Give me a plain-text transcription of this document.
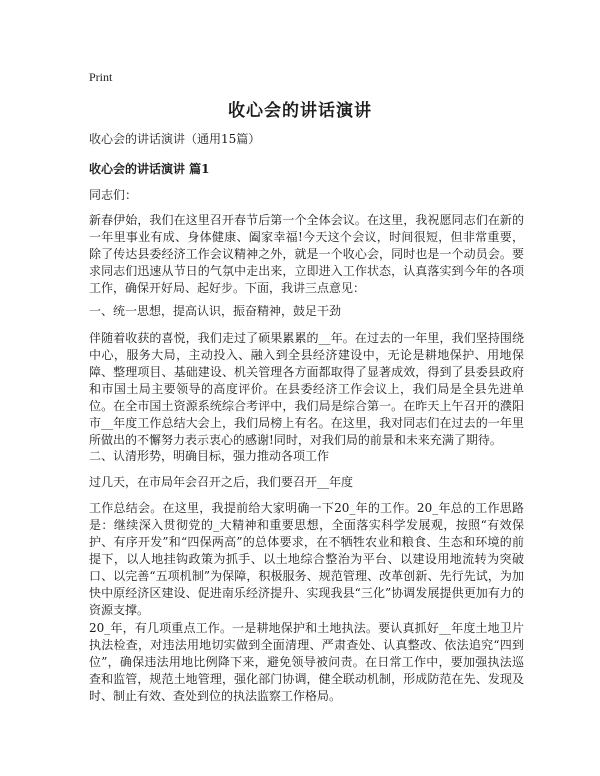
Print
收心会的讲话演讲

收心会的讲话演讲（通用15篇）

收心会的讲话演讲 篇1

同志们：

新春伊始，我们在这里召开春节后第一个全体会议。在这里，我祝愿同志们在新的一年里事业有成、身体健康、阖家幸福!今天这个会议，时间很短，但非常重要，除了传达县委经济工作会议精神之外，就是一个收心会，同时也是一个动员会。要求同志们迅速从节日的气氛中走出来，立即进入工作状态，认真落实到今年的各项工作，确保开好局、起好步。下面，我讲三点意见：

一、统一思想，提高认识，振奋精神，鼓足干劲

伴随着收获的喜悦，我们走过了硕果累累的__年。在过去的一年里，我们坚持围绕中心，服务大局，主动投入、融入到全县经济建设中，无论是耕地保护、用地保障、整理项目、基础建设、机关管理各方面都取得了显著成效，得到了县委县政府和市国土局主要领导的高度评价。在县委经济工作会议上，我们局是全县先进单位。在全市国土资源系统综合考评中，我们局是综合第一。在昨天上午召开的濮阳市__年度工作总结大会上，我们局榜上有名。在这里，我对同志们在过去的一年里所做出的不懈努力表示衷心的感谢!同时，对我们局的前景和未来充满了期待。

二、认清形势，明确目标，强力推动各项工作

过几天，在市局年会召开之后，我们要召开__年度

工作总结会。在这里，我提前给大家明确一下20_年的工作。20_年总的工作思路是：继续深入贯彻党的_大精神和重要思想，全面落实科学发展观，按照“有效保护、有序开发”和“四保两高”的总体要求，在不牺牲农业和粮食、生态和环境的前提下，以人地挂钩政策为抓手、以土地综合整治为平台、以建设用地流转为突破口、以完善“五项机制”为保障，积极服务、规范管理、改革创新、先行先试，为加快中原经济区建设、促进南乐经济提升、实现我县“三化”协调发展提供更加有力的资源支撑。

20_年，有几项重点工作。一是耕地保护和土地执法。要认真抓好__年度土地卫片执法检查，对违法用地切实做到全面清理、严肃查处、认真整改、依法追究“四到位”，确保违法用地比例降下来，避免领导被问责。在日常工作中，要加强执法巡查和监管，规范土地管理，强化部门协调，健全联动机制，形成防范在先、发现及时、制止有效、查处到位的执法监察工作格局。
